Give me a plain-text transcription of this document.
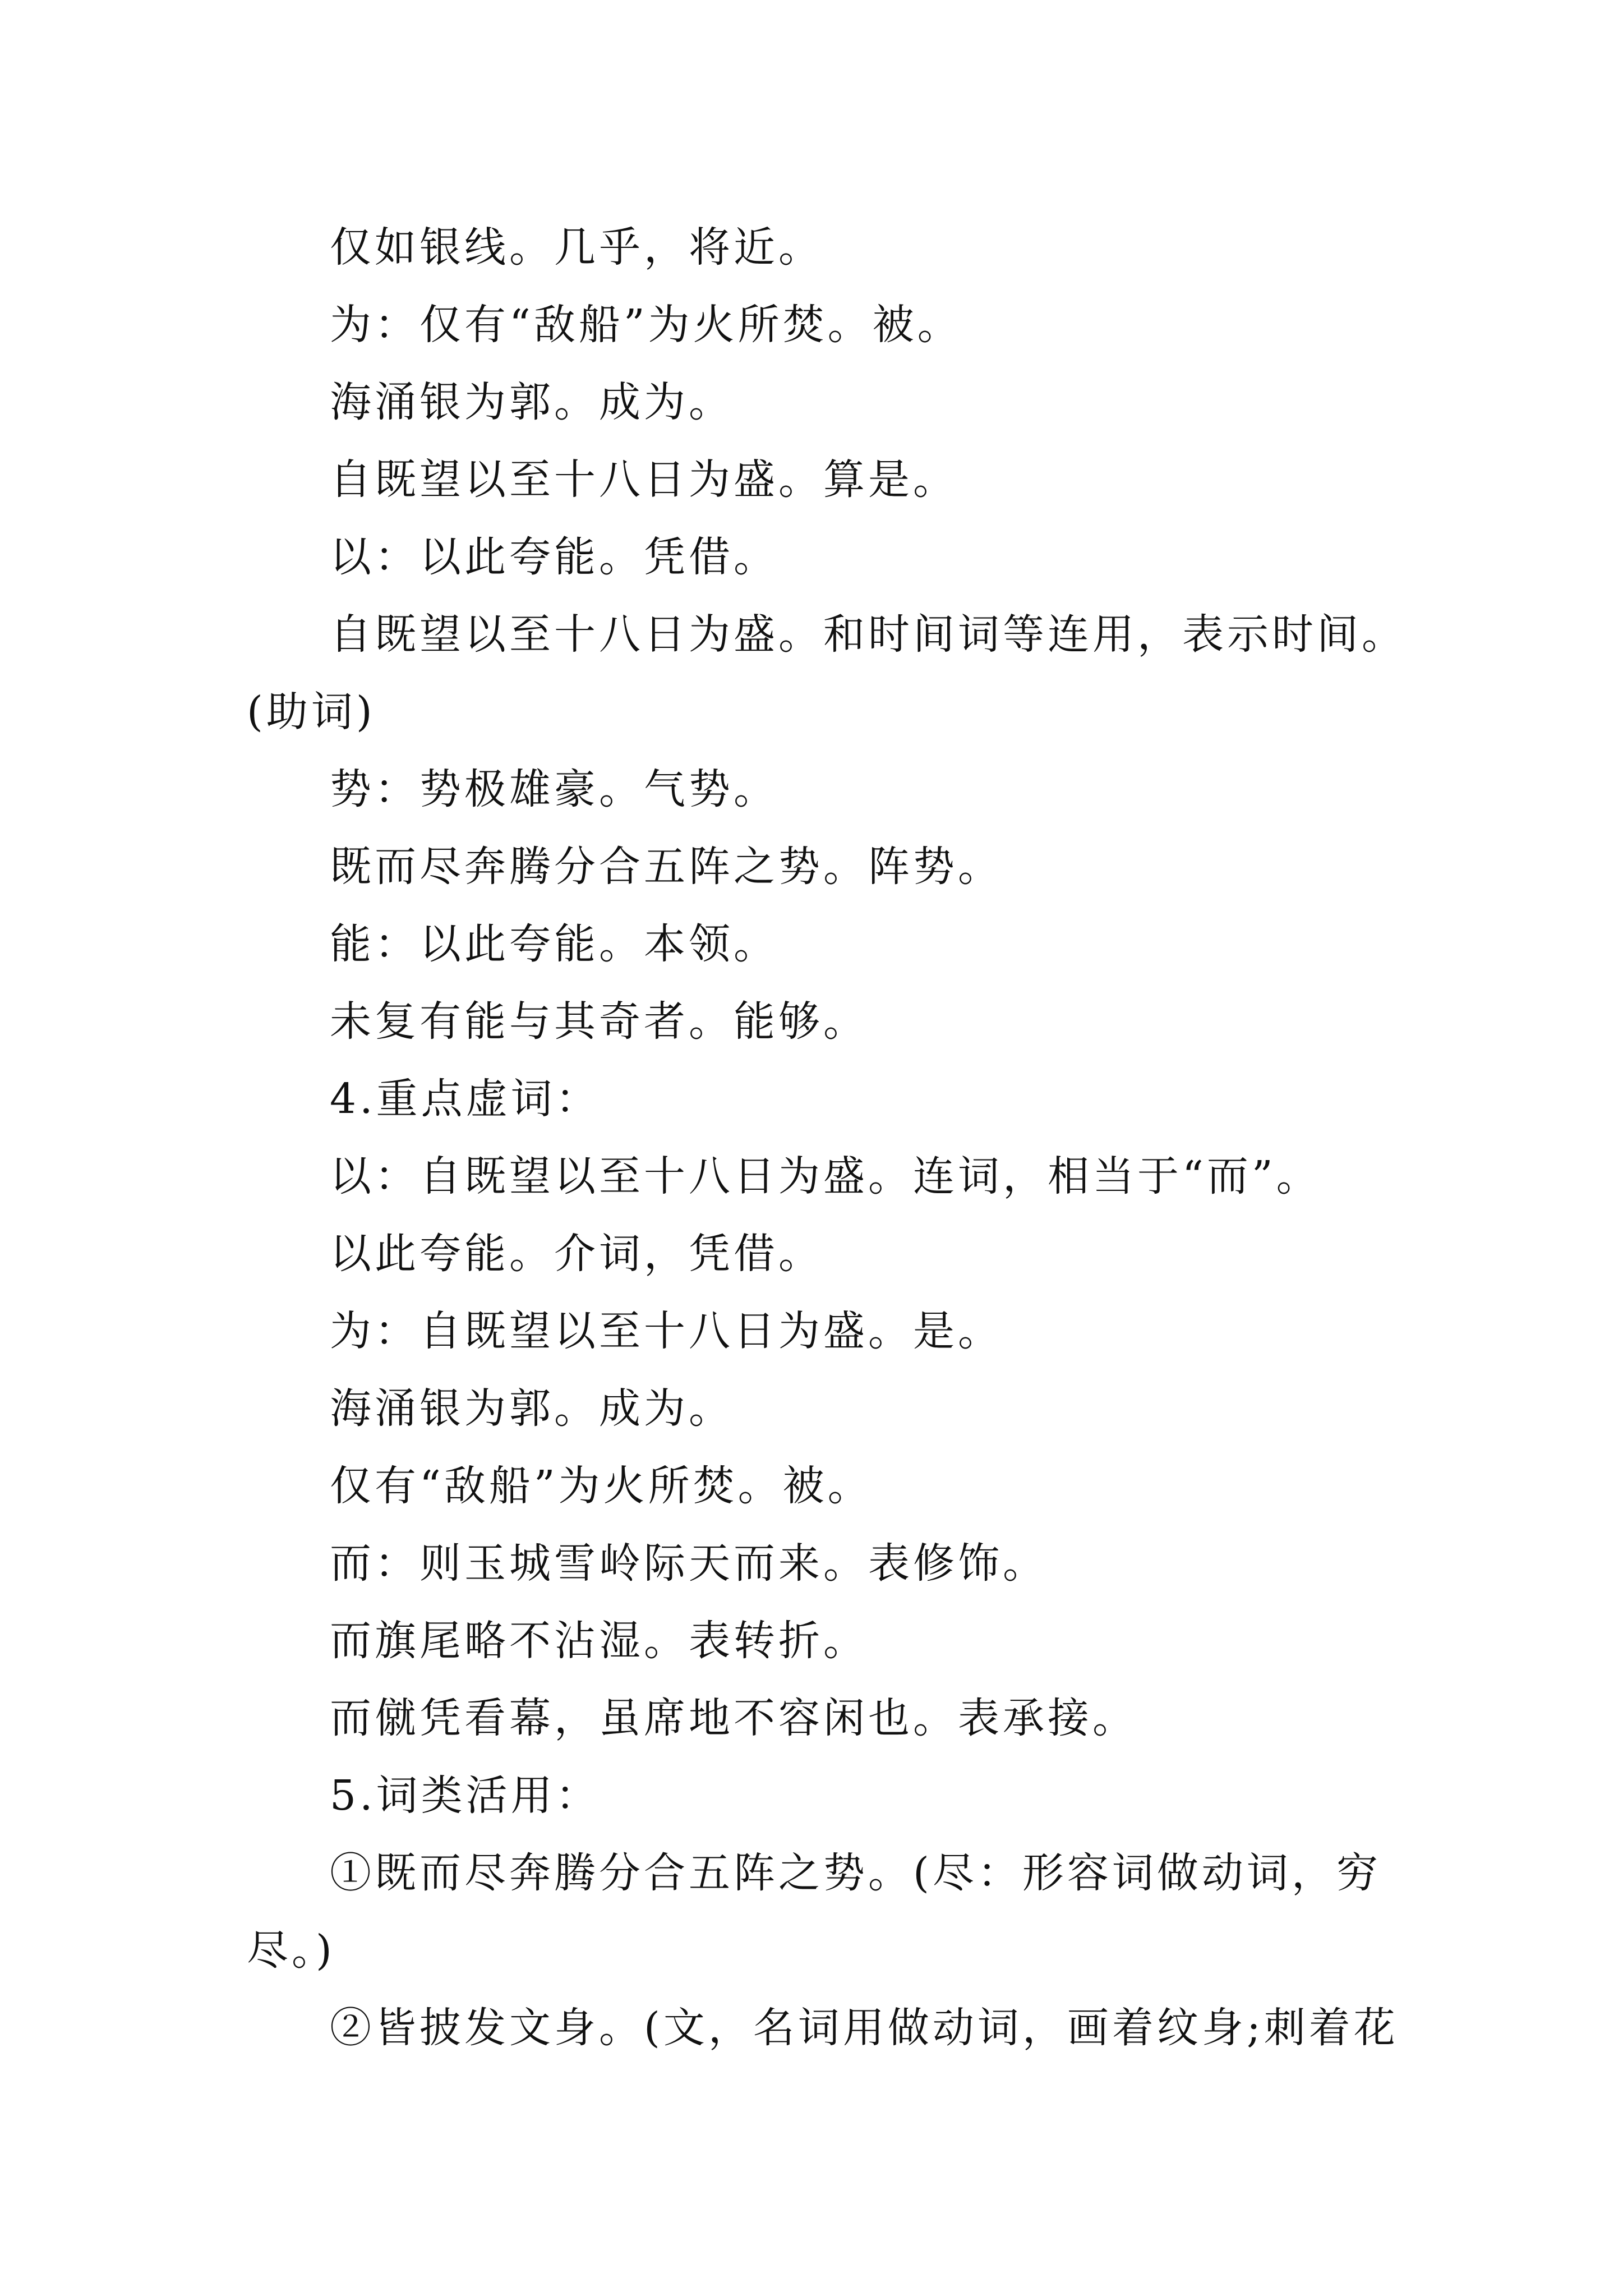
仅如银线。几乎，将近。
为：仅有“敌船”为火所焚。被。
海涌银为郭。成为。
自既望以至十八日为盛。算是。
以：以此夸能。凭借。
自既望以至十八日为盛。和时间词等连用，表示时间。
(助词)
势：势极雄豪。气势。
既而尽奔腾分合五阵之势。阵势。
能：以此夸能。本领。
未复有能与其奇者。能够。
4.重点虚词：
以：自既望以至十八日为盛。连词，相当于“而”。
以此夸能。介词，凭借。
为：自既望以至十八日为盛。是。
海涌银为郭。成为。
仅有“敌船”为火所焚。被。
而：则玉城雪岭际天而来。表修饰。
而旗尾略不沾湿。表转折。
而僦凭看幕，虽席地不容闲也。表承接。
5.词类活用：
①既而尽奔腾分合五阵之势。(尽：形容词做动词，穷
尽。)
②皆披发文身。(文，名词用做动词，画着纹身;刺着花
